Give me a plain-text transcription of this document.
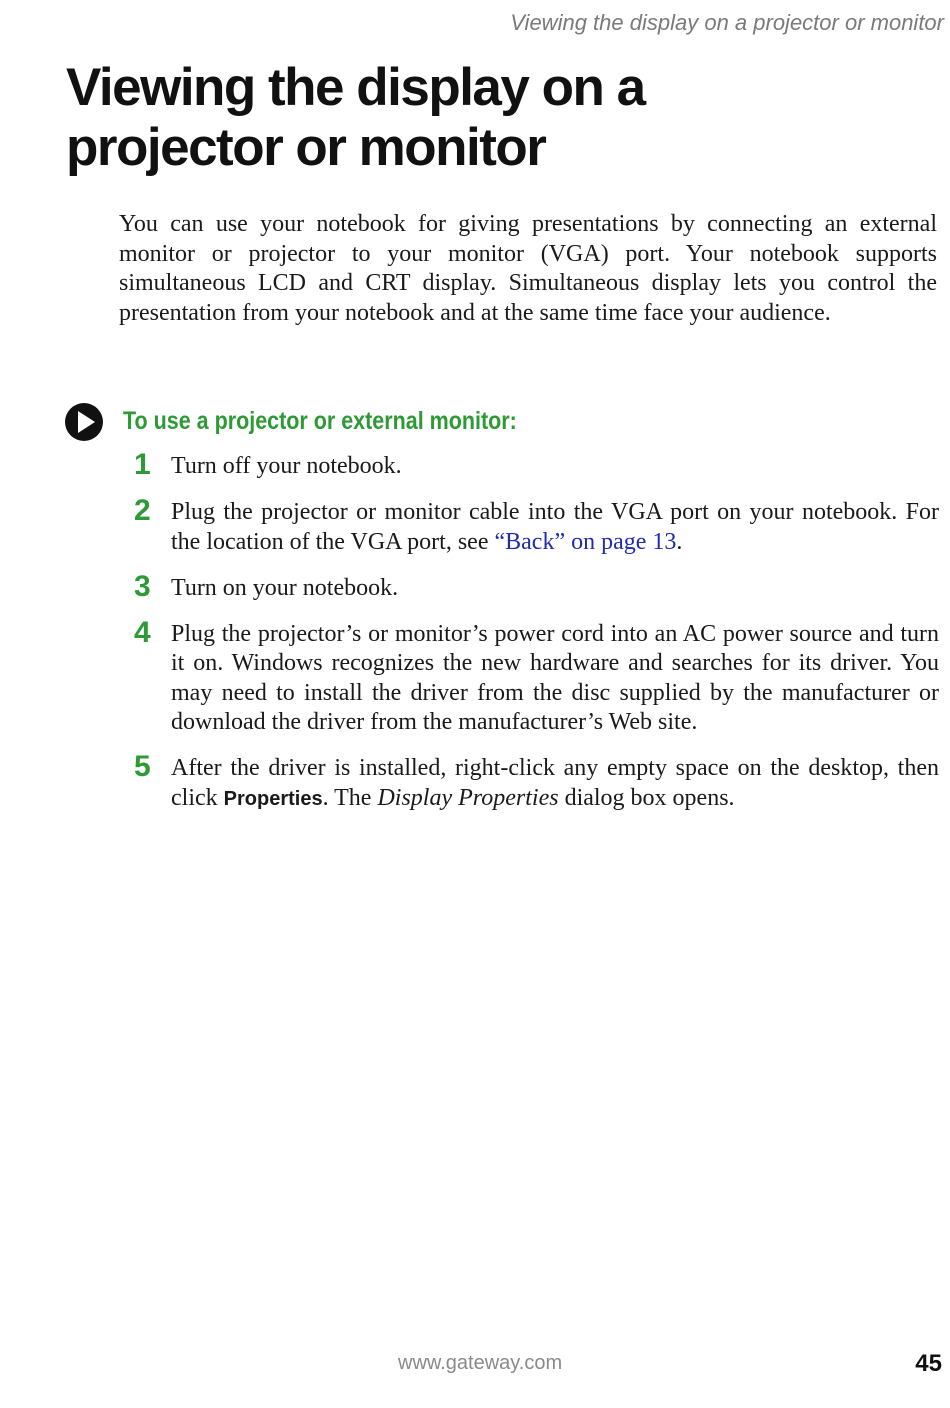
Viewing the display on a projector or monitor
Viewing the display on a
projector or monitor

You can use your notebook for giving presentations by connecting an external monitor or projector to your monitor (VGA) port. Your notebook supports simultaneous LCD and CRT display. Simultaneous display lets you control the presentation from your notebook and at the same time face your audience.

To use a projector or external monitor:
1 Turn off your notebook.
2 Plug the projector or monitor cable into the VGA port on your notebook. For the location of the VGA port, see “Back” on page 13.
3 Turn on your notebook.
4 Plug the projector’s or monitor’s power cord into an AC power source and turn it on. Windows recognizes the new hardware and searches for its driver. You may need to install the driver from the disc supplied by the manufacturer or download the driver from the manufacturer’s Web site.
5 After the driver is installed, right-click any empty space on the desktop, then click Properties. The Display Properties dialog box opens.
www.gateway.com	45
